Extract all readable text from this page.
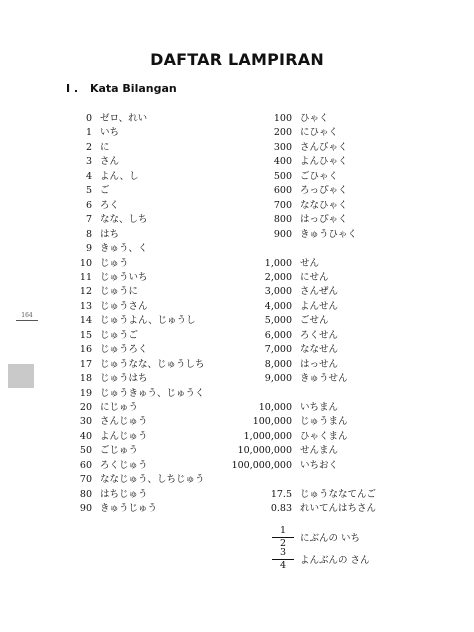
DAFTAR LAMPIRAN
I . Kata Bilangan
164
0 ゼロ、れい
1 いち
2 に
3 さん
4 よん、し
5 ご
6 ろく
7 なな、しち
8 はち
9 きゅう、く
10 じゅう
11 じゅういち
12 じゅうに
13 じゅうさん
14 じゅうよん、じゅうし
15 じゅうご
16 じゅうろく
17 じゅうなな、じゅうしち
18 じゅうはち
19 じゅうきゅう、じゅうく
20 にじゅう
30 さんじゅう
40 よんじゅう
50 ごじゅう
60 ろくじゅう
70 ななじゅう、しちじゅう
80 はちじゅう
90 きゅうじゅう
100 ひゃく
200 にひゃく
300 さんびゃく
400 よんひゃく
500 ごひゃく
600 ろっぴゃく
700 ななひゃく
800 はっぴゃく
900 きゅうひゃく
1,000 せん
2,000 にせん
3,000 さんぜん
4,000 よんせん
5,000 ごせん
6,000 ろくせん
7,000 ななせん
8,000 はっせん
9,000 きゅうせん
10,000 いちまん
100,000 じゅうまん
1,000,000 ひゃくまん
10,000,000 せんまん
100,000,000 いちおく
17.5 じゅうななてんご
0.83 れいてんはちさん
$\frac{1}{2}$ にぶんの いち
$\frac{3}{4}$ よんぶんの さん
